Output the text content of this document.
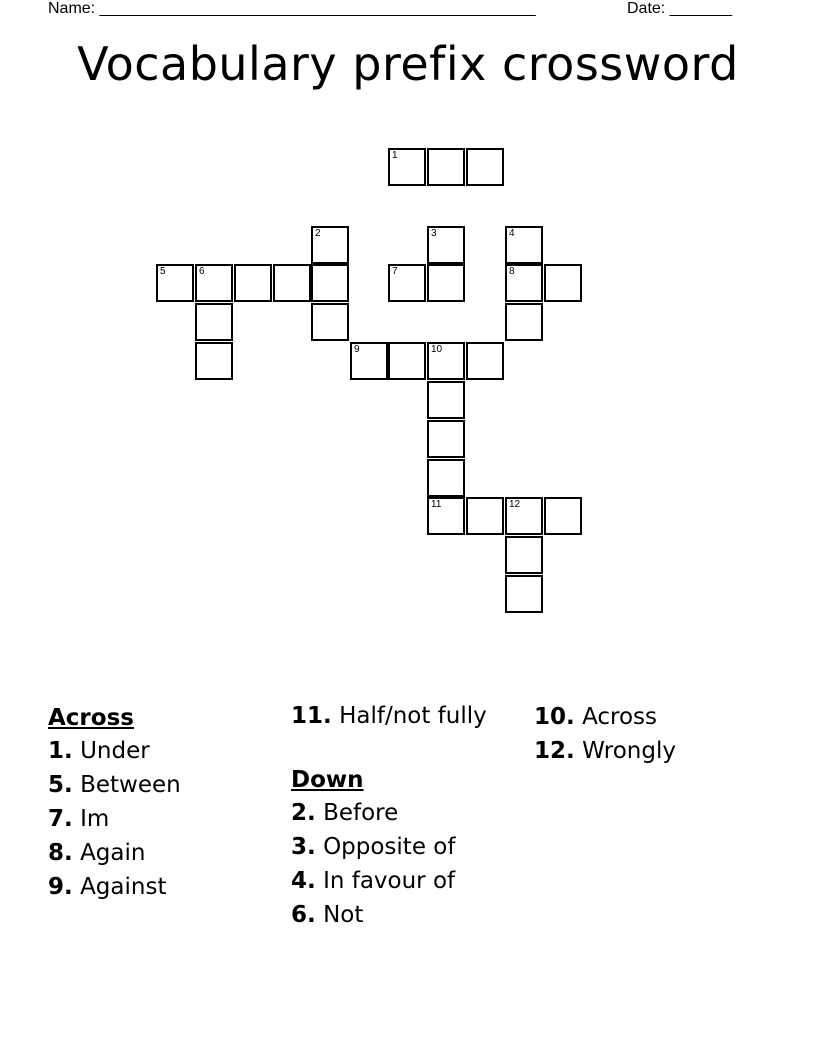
Name: _________________________________________________	Date: _______
Vocabulary prefix crossword
1
2	3	4
5	6	7	8
9	10
11	12

Across

1. Under

5. Between

7. Im

8. Again

9. Against

11. Half/not fully

Down

2. Before

3. Opposite of

4. In favour of

6. Not

10. Across

12. Wrongly
